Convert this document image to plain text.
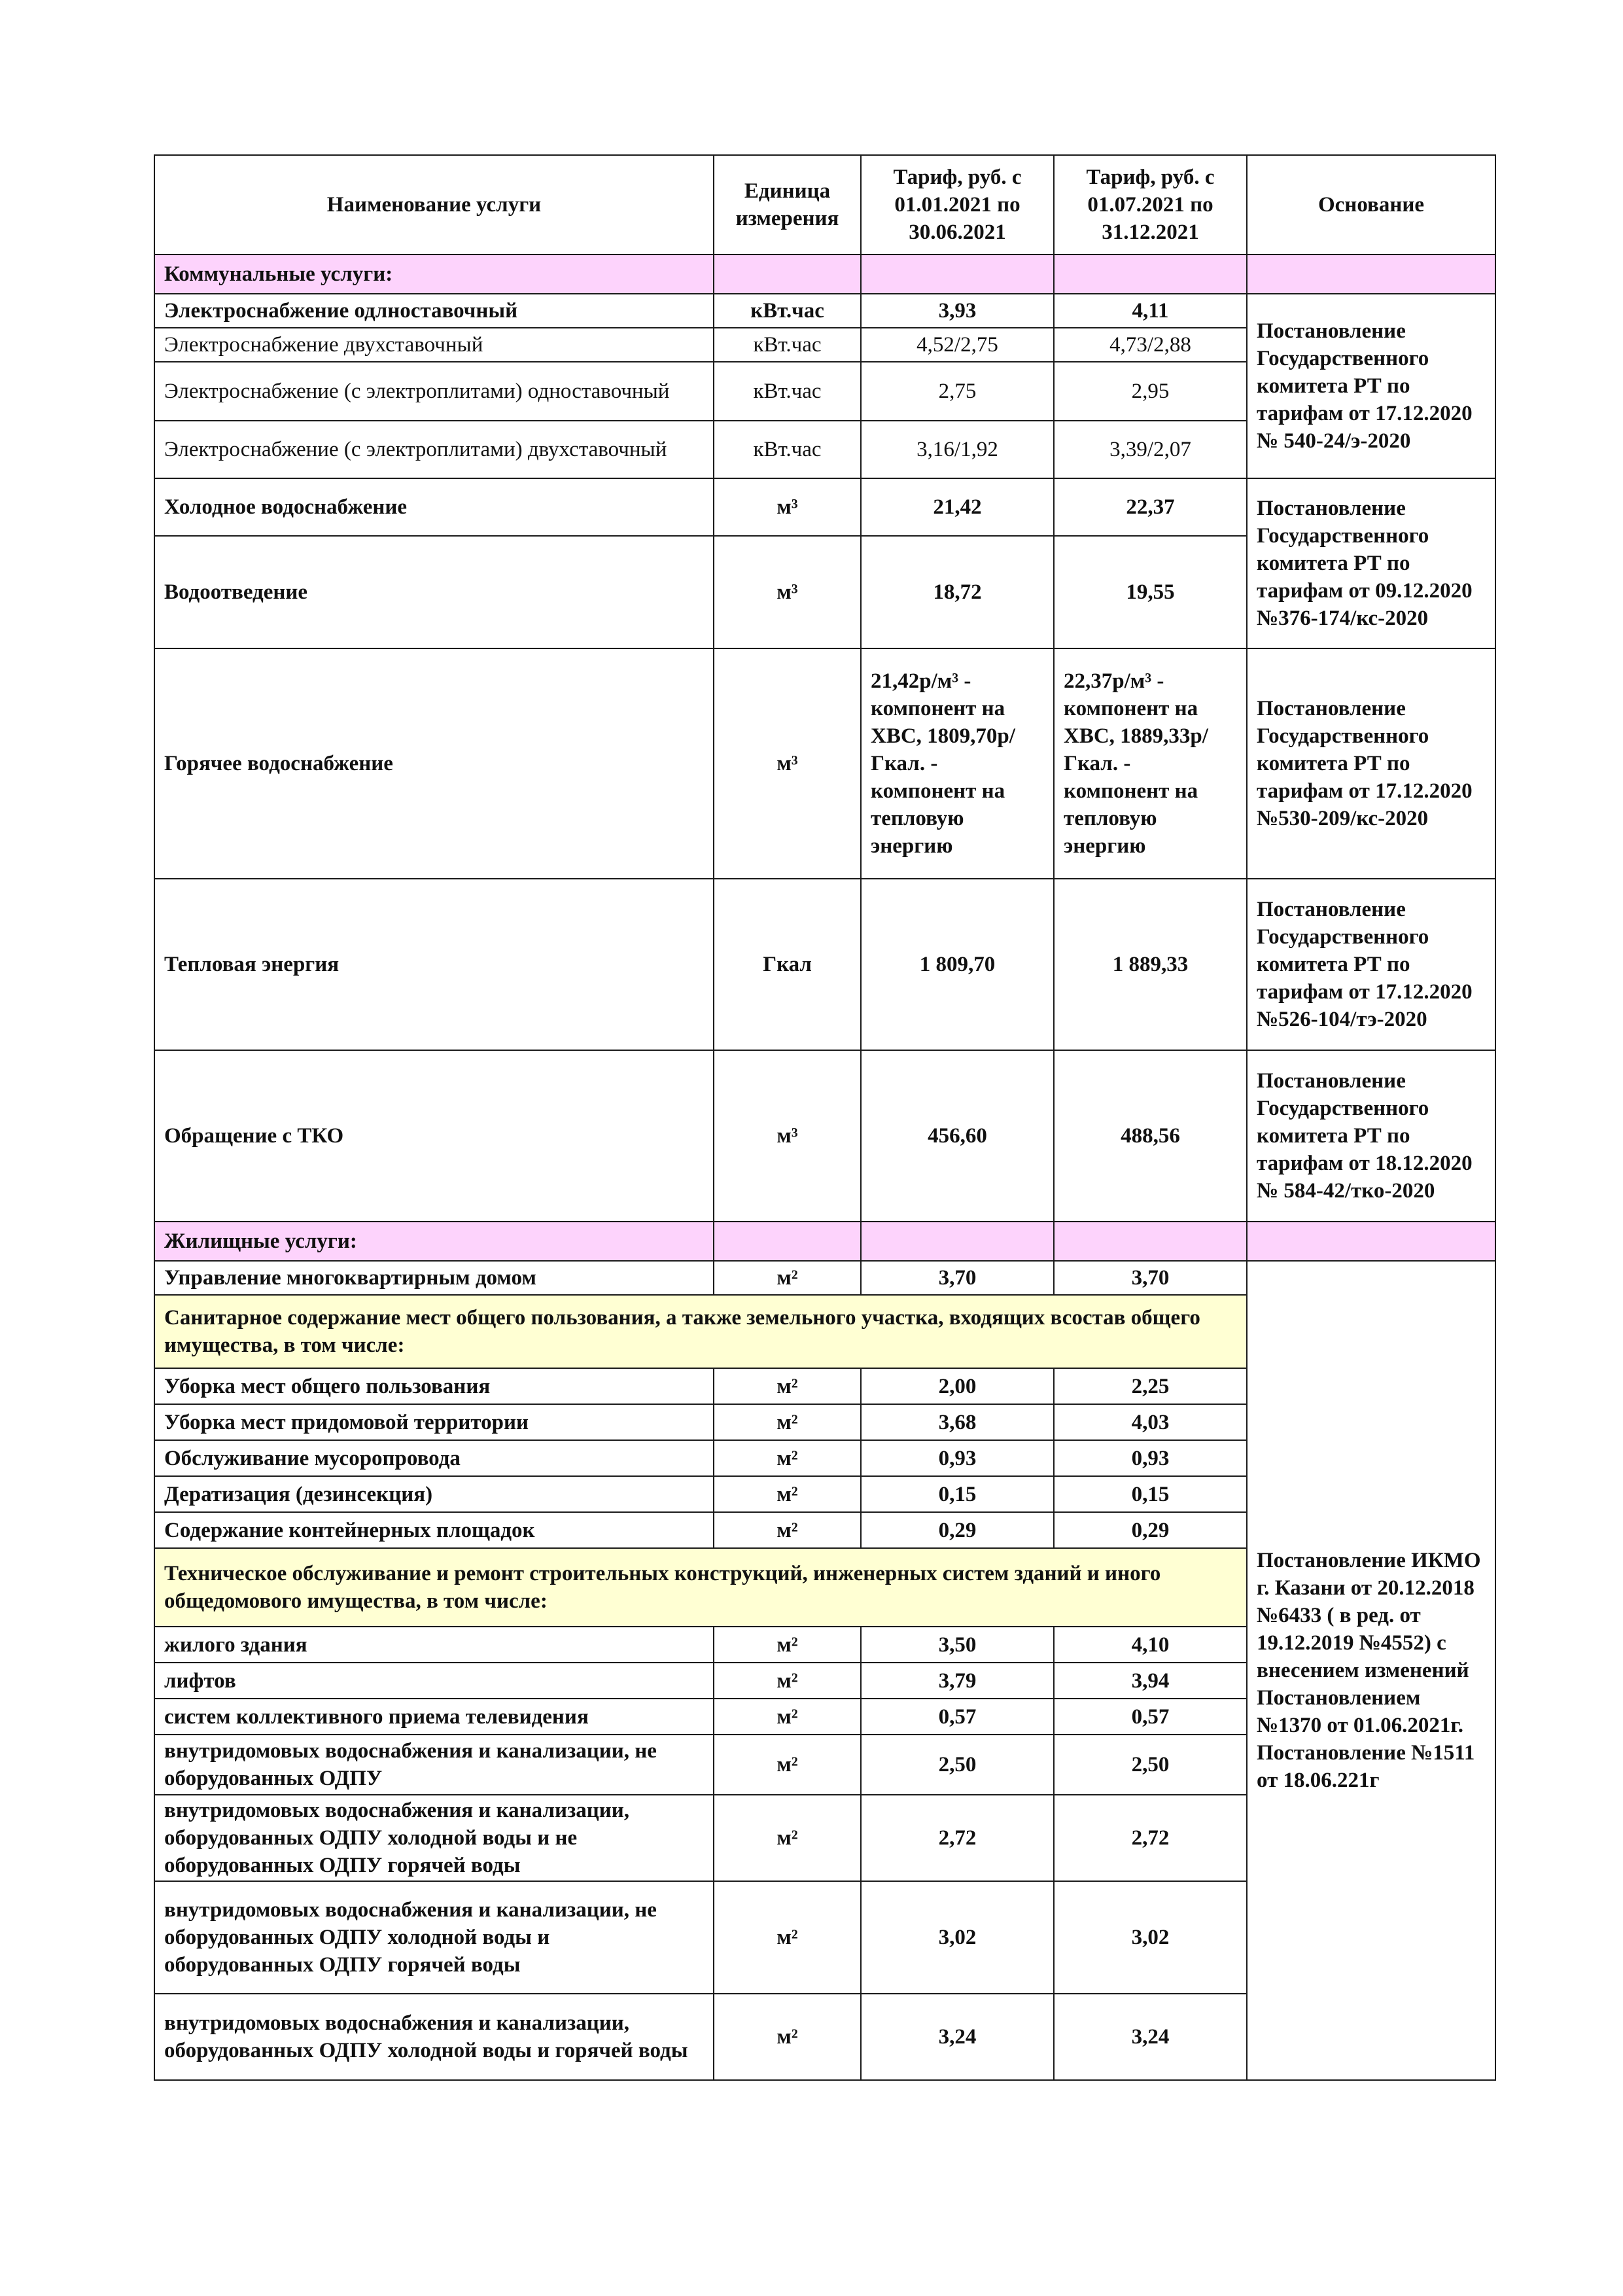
Наименование услуги	Единица измерения	Тариф, руб. с 01.01.2021 по 30.06.2021	Тариф, руб. с 01.07.2021 по 31.12.2021	Основание
Коммунальные услуги:				
Электроснабжение одлноставочный	кВт.час	3,93	4,11	Постановление Государственного комитета РТ по тарифам от 17.12.2020 № 540-24/э-2020
Электроснабжение двухставочный	кВт.час	4,52/2,75	4,73/2,88	
Электроснабжение (с электроплитами) одноставочный	кВт.час	2,75	2,95	
Электроснабжение (с электроплитами) двухставочный	кВт.час	3,16/1,92	3,39/2,07	
Холодное водоснабжение	м³	21,42	22,37	Постановление Государственного комитета РТ по тарифам от 09.12.2020 №376-174/кс-2020
Водоотведение	м³	18,72	19,55	
Горячее водоснабжение	м³	21,42р/м³ - компонент на ХВС, 1809,70р/Гкал. - компонент на тепловую энергию	22,37р/м³ - компонент на ХВС, 1889,33р/Гкал. - компонент на тепловую энергию	Постановление Государственного комитета РТ по тарифам от 17.12.2020 №530-209/кс-2020
Тепловая энергия	Гкал	1 809,70	1 889,33	Постановление Государственного комитета РТ по тарифам от 17.12.2020 №526-104/тэ-2020
Обращение с ТКО	м³	456,60	488,56	Постановление Государственного комитета РТ по тарифам от 18.12.2020 № 584-42/тко-2020
Жилищные услуги:				
Управление многоквартирным домом	м²	3,70	3,70	Постановление ИКМО г. Казани от 20.12.2018 №6433 ( в ред. от 19.12.2019 №4552) с внесением изменений Постановлением №1370 от 01.06.2021г. Постановление №1511 от 18.06.221г
Санитарное содержание мест общего пользования, а также земельного участка, входящих всостав общего имущества, в том числе:				
Уборка мест общего пользования	м²	2,00	2,25	
Уборка мест придомовой территории	м²	3,68	4,03	
Обслуживание мусоропровода	м²	0,93	0,93	
Дератизация (дезинсекция)	м²	0,15	0,15	
Содержание контейнерных площадок	м²	0,29	0,29	
Техническое обслуживание и ремонт строительных конструкций, инженерных систем зданий и иного общедомового имущества, в том числе:				
жилого здания	м²	3,50	4,10	
лифтов	м²	3,79	3,94	
систем коллективного приема телевидения	м²	0,57	0,57	
внутридомовых водоснабжения и канализации, не оборудованных ОДПУ	м²	2,50	2,50	
внутридомовых водоснабжения и канализации, оборудованных ОДПУ холодной воды и не оборудованных ОДПУ горячей воды	м²	2,72	2,72	
внутридомовых водоснабжения и канализации, не оборудованных ОДПУ холодной воды и оборудованных ОДПУ горячей воды	м²	3,02	3,02	
внутридомовых водоснабжения и канализации, оборудованных ОДПУ холодной воды и горячей воды	м²	3,24	3,24	
